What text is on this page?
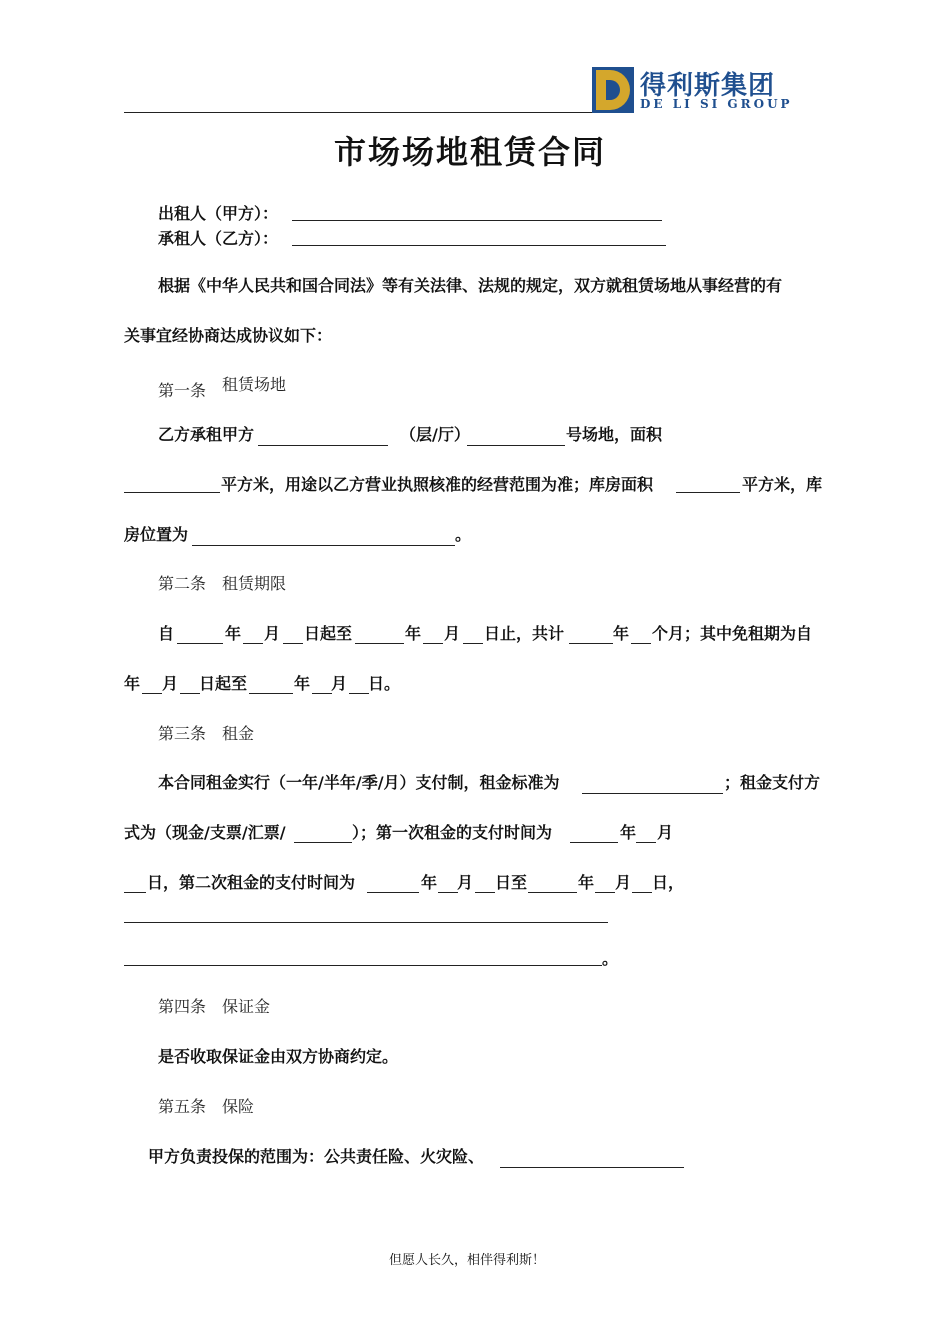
得利斯集团
DE LI SI GROUP
市场场地租赁合同
出租人（甲方）：
承租人（乙方）：
根据《中华人民共和国合同法》等有关法律、法规的规定，双方就租赁场地从事经营的有
关事宜经协商达成协议如下：
第一条 租赁场地
乙方承租甲方	（层/厅）	号场地，面积
平方米，用途以乙方营业执照核准的经营范围为准；库房面积	平方米，库
房位置为	。
第二条 租赁期限
自	年 月 日起至	年 月 日止，共计	年 个月；其中免租期为自
年 月 日起至	年 月 日。
第三条 租金
本合同租金实行（一年/半年/季/月）支付制，租金标准为	；租金支付方
式为（现金/支票/汇票/	）；第一次租金的支付时间为	年 月
日，第二次租金的支付时间为	年 月 日至	年 月 日，
。
第四条 保证金
是否收取保证金由双方协商约定。
第五条 保险
甲方负责投保的范围为：公共责任险、火灾险、
但愿人长久，相伴得利斯！
